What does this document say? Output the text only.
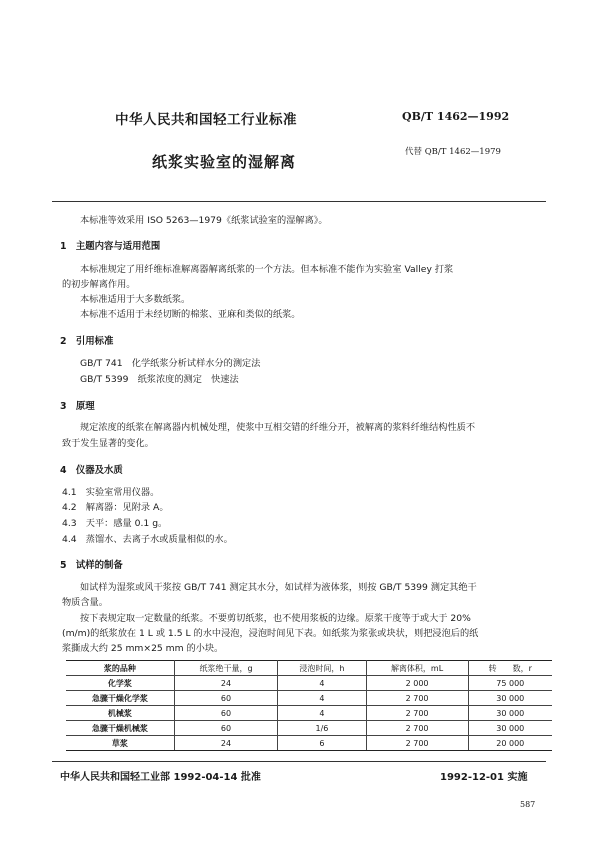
中华人民共和国轻工行业标准	QB/T 1462—1992
纸浆实验室的湿解离
代替 QB/T 1462—1979
本标准等效采用 ISO 5263—1979《纸浆试验室的湿解离》。
1　主题内容与适用范围
本标准规定了用纤维标准解离器解离纸浆的一个方法。但本标准不能作为实验室 Valley 打浆
的初步解离作用。
本标准适用于大多数纸浆。
本标准不适用于未经切断的棉浆、亚麻和类似的纸浆。
2　引用标准
GB/T 741　化学纸浆分析试样水分的测定法
GB/T 5399　纸浆浓度的测定　快速法
3　原理
规定浓度的纸浆在解离器内机械处理，使浆中互相交错的纤维分开，被解离的浆料纤维结构性质不
致于发生显著的变化。
4　仪器及水质
4.1　实验室常用仪器。
4.2　解离器：见附录 A。
4.3　天平：感量 0.1 g。
4.4　蒸馏水、去离子水或质量相似的水。
5　试样的制备
如试样为湿浆或风干浆按 GB/T 741 测定其水分，如试样为液体浆，则按 GB/T 5399 测定其绝干
物质含量。
按下表规定取一定数量的纸浆。不要剪切纸浆，也不使用浆板的边缘。原浆干度等于或大于 20%
(m/m)的纸浆放在 1 L 或 1.5 L 的水中浸泡，浸泡时间见下表。如纸浆为浆张或块状，则把浸泡后的纸
浆撕成大约 25 mm×25 mm 的小块。
浆的品种	纸浆绝干量，g	浸泡时间，h	解离体积，mL	转　　数，r
化学浆	24	4	2 000	75 000
急骤干燥化学浆	60	4	2 700	30 000
机械浆	60	4	2 700	30 000
急骤干燥机械浆	60	1/6	2 700	30 000
草浆	24	6	2 700	20 000
中华人民共和国轻工业部 1992-04-14 批准	1992-12-01 实施
587
